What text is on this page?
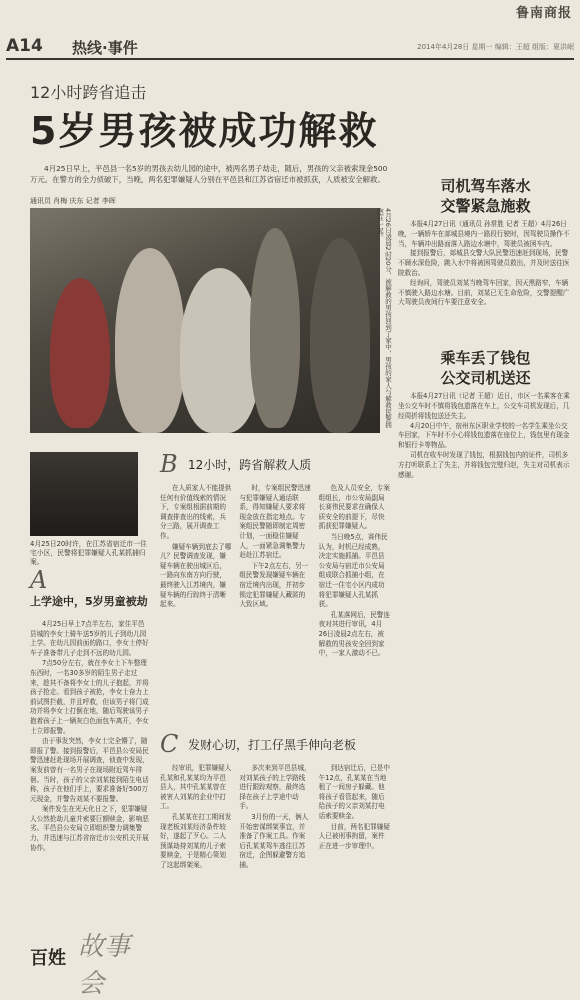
鲁南商报
A14 热线·事件	2014年4月28日 星期一 编辑：王超 组版：夏洪岷
12小时跨省追击
5岁男孩被成功解救

4月25日早上，平邑县一名5岁的男孩去幼儿园的途中，被两名男子劫走，随后，男孩的父亲被索现金500万元。在警方的全力侦破下，当晚，两名犯罪嫌疑人分别在平邑县和江苏省宿迁市被抓获，人质被安全解救。

通讯员 肖梅 庆东 记者 李晖
4月26日凌晨2时20分，被解救的男孩回到了家中，男孩的家人与解救民警拥抱在一起。
司机驾车落水
交警紧急施救

本报4月27日讯（通讯员 孙常胜 记者 王超）4月26日晚，一辆轿车在郯城县境内一路段行驶时，因驾驶员操作不当，车辆冲出路面落入路边水塘中，驾驶员被困车内。

接到报警后，郯城县交警大队民警迅速赶到现场，民警不顾水深危险，跳入水中将被困驾驶员救出，并及时送往医院救治。

经询问，驾驶员刘某当晚驾车回家，因天黑路窄，车辆不慎驶入路边水塘。目前，刘某已无生命危险，交警提醒广大驾驶员夜间行车要注意安全。

乘车丢了钱包
公交司机送还

本报4月27日讯（记者 王超）近日，市区一名乘客在乘坐公交车时不慎将钱包遗落在车上，公交车司机发现后，几经周折将钱包送还失主。

4月20日中午，宿州东区职业学校的一名学生乘坐公交车回家，下车时不小心将钱包遗落在座位上，钱包里有现金和银行卡等物品。

司机在收车时发现了钱包，根据钱包内的证件，司机多方打听联系上了失主，并将钱包完璧归赵，失主对司机表示感谢。

4月25日20时许，在江苏省宿迁市一住宅小区，民警将犯罪嫌疑人孔某抓捕归案。
A
上学途中，5岁男童被劫

4月25日早上7点半左右，家住平邑县城的李女士骑车送5岁的儿子到幼儿园上学。在幼儿园前面的路口，李女士停好车子准备带儿子走到不远的幼儿园。

7点50分左右，就在李女士下车整理东西时，一名30多岁的陌生男子走过来，趁其不备将李女士的儿子抱起，并将孩子抢走。看到孩子被抢，李女士奋力上前试图拦截，并且呼救，但该男子将门成功并将李女士打倒在地，随后驾驶该男子抱着孩子上一辆灰白色面包车离开，李女士立即报警。

由于事发突然，李女士完全懵了，随即报了警。接到报警后，平邑县公安局民警迅速赶赴现场开展调查，侦查中发现，案发前曾有一名男子在现场附近驾车徘徊。当时，孩子的父亲刘某接到陌生电话称，孩子在他们手上，要求准备好500万元现金，并警告刘某不要报警。

案件发生在光天化日之下，犯罪嫌疑人公然抢劫儿童并索要巨额赎金，影响恶劣。平邑县公安局立即组织警力调集警力，并迅速与江苏省宿迁市公安机关开展协作。

B 12小时，跨省解救人质

在人质家人不能提供任何有价值线索的情况下，专案组根据前期的调查排查出的线索，兵分三路，展开调查工作。

嫌疑车辆到底去了哪儿？民警调查发现，嫌疑车辆在驶出城区后，一路向东南方向行驶，最终驶入江苏境内，嫌疑车辆的行踪终于清晰起来。

时，专案组民警迅速与犯罪嫌疑人通话联系，得知嫌疑人要求将现金放在指定地点。专案组民警随即制定周密计划，一面稳住嫌疑人，一面紧急调集警力赶赴江苏宿迁。

下午2点左右，另一组民警发现嫌疑车辆在宿迁境内出现，并初步锁定犯罪嫌疑人藏匿的大致区域。

色及人员安全，专案组组长，市公安局副局长赛伟民要求在确保人质安全的前提下，尽快抓获犯罪嫌疑人。

当日晚5点，赛伟民认为，时机已经成熟，决定实施抓捕。平邑县公安局与宿迁市公安局组成联合抓捕小组，在宿迁一住宅小区内成功将犯罪嫌疑人孔某抓获。

孔某落网后，民警连夜对其进行审讯，4月26日凌晨2点左右，被解救的男孩安全回到家中，一家人激动不已。

C 发财心切，打工仔黑手伸向老板

经审讯，犯罪嫌疑人孔某和孔某某均为平邑县人，其中孔某某曾在被害人刘某的企业中打工。

孔某某在打工期间发现老板刘某经济条件较好，遂起了歹心。二人预谋劫持刘某的儿子索要赎金，于是精心策划了这起绑架案。

多次来到平邑县城，对刘某孩子的上学路线进行跟踪观察，最终选择在孩子上学途中动手。

3月份的一天，俩人开始密谋绑架事宜，并准备了作案工具。作案后孔某某驾车逃往江苏宿迁，企图躲避警方追捕。

到达宿迁后，已是中午12点，孔某某在当地租了一间房子躲藏。他将孩子看管起来，随后给孩子的父亲刘某打电话索要赎金。

目前，两名犯罪嫌疑人已被刑事拘留，案件正在进一步审理中。

故事会
百姓
